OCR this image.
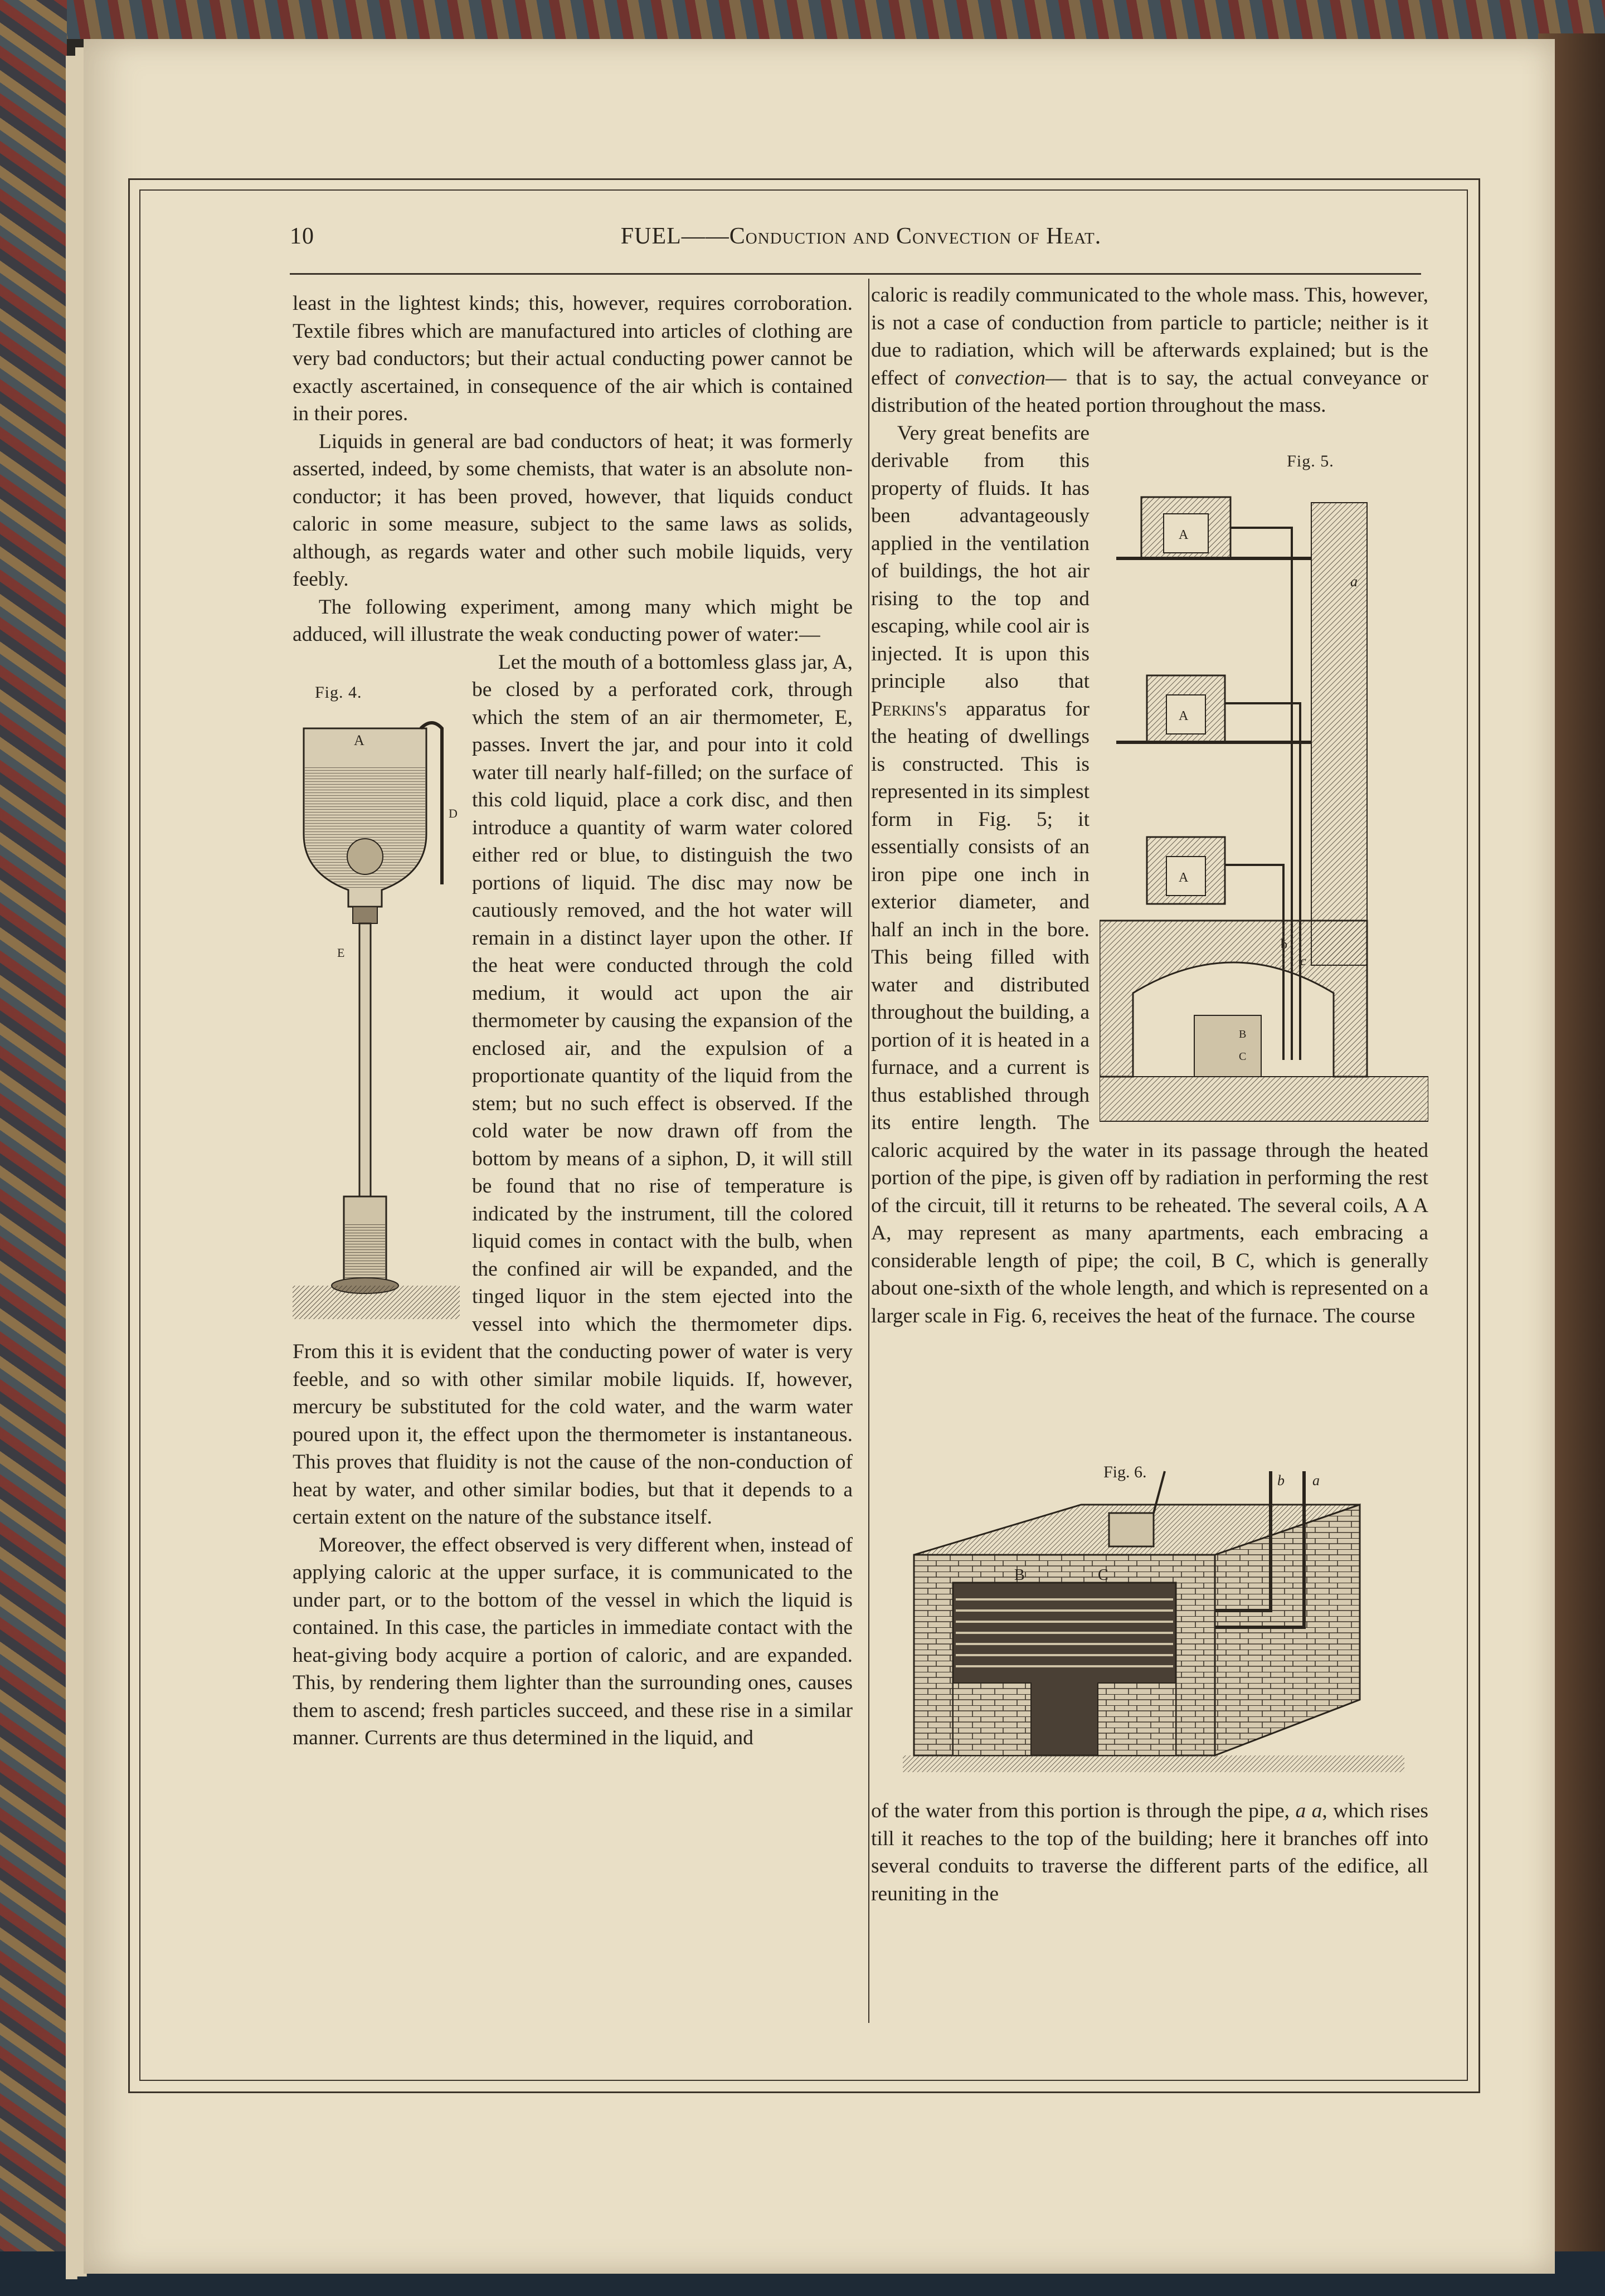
10	FUEL——Conduction and Convection of Heat.

least in the lightest kinds; this, however, requires corroboration. Textile fibres which are manufactured into articles of clothing are very bad conductors; but their actual conducting power cannot be exactly ascertained, in consequence of the air which is contained in their pores.

Liquids in general are bad conductors of heat; it was formerly asserted, indeed, by some chemists, that water is an absolute non-conductor; it has been proved, however, that liquids conduct caloric in some measure, subject to the same laws as solids, although, as regards water and other such mobile liquids, very feebly.

The following experiment, among many which might be adduced, will illustrate the weak conducting power of water:—

Fig. 4.
A
D
E

Let the mouth of a bottomless glass jar, A, be closed by a perforated cork, through which the stem of an air thermometer, E, passes. Invert the jar, and pour into it cold water till nearly half-filled; on the surface of this cold liquid, place a cork disc, and then introduce a quantity of warm water colored either red or blue, to distinguish the two portions of liquid. The disc may now be cautiously removed, and the hot water will remain in a distinct layer upon the other. If the heat were conducted through the cold medium, it would act upon the air thermometer by causing the expansion of the enclosed air, and the expulsion of a proportionate quantity of the liquid from the stem; but no such effect is observed. If the cold water be now drawn off from the bottom by means of a siphon, D, it will still be found that no rise of temperature is indicated by the instrument, till the colored liquid comes in contact with the bulb, when the confined air will be expanded, and the tinged liquor in the stem ejected into the vessel into which the thermometer dips. From this it is evident that the conducting power of water is very feeble, and so with other similar mobile liquids. If, however, mercury be substituted for the cold water, and the warm water poured upon it, the effect upon the thermometer is instantaneous. This proves that fluidity is not the cause of the non-conduction of heat by water, and other similar bodies, but that it depends to a certain extent on the nature of the substance itself.

Moreover, the effect observed is very different when, instead of applying caloric at the upper surface, it is communicated to the under part, or to the bottom of the vessel in which the liquid is contained. In this case, the particles in immediate contact with the heat-giving body acquire a portion of caloric, and are expanded. This, by rendering them lighter than the surrounding ones, causes them to ascend; fresh particles succeed, and these rise in a similar manner. Currents are thus determined in the liquid, and

caloric is readily communicated to the whole mass. This, however, is not a case of conduction from particle to particle; neither is it due to radiation, which will be afterwards explained; but is the effect of convection— that is to say, the actual conveyance or distribution of the heated portion throughout the mass.

Fig. 5.
a
A
A
A
B
C
Very great benefits are derivable from this property of fluids. It has been advantageously applied in the ventilation of buildings, the hot air rising to the top and escaping, while cool air is injected. It is upon this principle also that Perkins's apparatus for the heating of dwellings is constructed. This is represented in its simplest form in Fig. 5; it essentially consists of an iron pipe one inch in exterior diameter, and half an inch in the bore. This being filled with water and distributed throughout the building, a portion of it is heated in a furnace, and a current is thus established through its entire length. The caloric acquired by the water in its passage through the heated portion of the pipe, is given off by radiation in performing the rest of the circuit, till it returns to be reheated. The several coils, A A A, may represent as many apartments, each embracing a considerable length of pipe; the coil, B C, which is generally about one-sixth of the whole length, and which is represented on a larger scale in Fig. 6, receives the heat of the furnace. The course

Fig. 6.
B	C
b a

of the water from this portion is through the pipe, a a, which rises till it reaches to the top of the building; here it branches off into several conduits to traverse the different parts of the edifice, all reuniting in the
